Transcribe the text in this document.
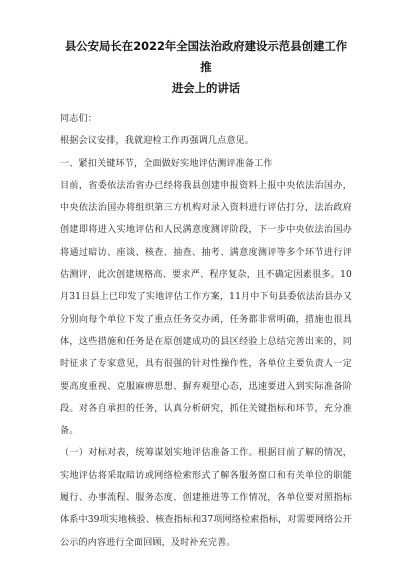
县公安局长在2022年全国法治政府建设示范县创建工作推
进会上的讲话

同志们：

根据会议安排，我就迎检工作再强调几点意见。

一、紧扣关键环节，全面做好实地评估测评准备工作

目前，省委依法治省办已经将我县创建申报资料上报中央依法治国办，中央依法治国办将组织第三方机构对录入资料进行评估打分，法治政府创建即将进入实地评估和人民满意度测评阶段，下一步中央依法治国办将通过暗访、座谈、核查、抽查、抽考、满意度测评等多个环节进行评估测评，此次创建规格高、要求严、程序复杂，且不确定因素很多。10月31日县上已印发了实地评估工作方案，11月中下旬县委依法治县办又分别向每个单位下发了重点任务交办函，任务都非常明确，措施也很具体，这些措施和任务是在原创建成功的县区经验上总结完善出来的，同时征求了专家意见，具有很强的针对性操作性，各单位主要负责人一定要高度重视、克服麻痹思想、摒弃观望心态，迅速要进入到实际准备阶段。对各自承担的任务，认真分析研究，抓住关键指标和环节，充分准备。

（一）对标对表，统筹谋划实地评估准备工作。根据目前了解的情况，实地评估将采取暗访或网络检索形式了解各服务窗口和有关单位的职能履行、办事流程、服务态度、创建推进等工作情况，各单位要对照指标体系中39项实地核验、核查指标和37项网络检索指标，对需要网络公开公示的内容进行全面回顾，及时补充完善。
